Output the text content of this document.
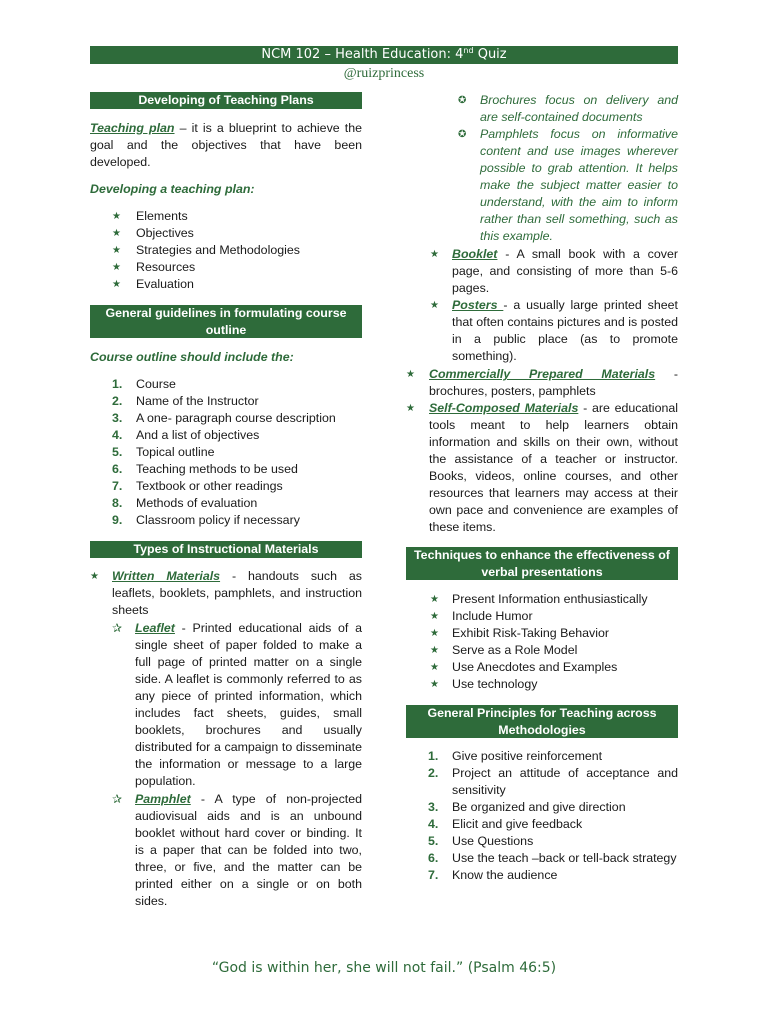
NCM 102 – Health Education: 4nd Quiz
@ruizprincess
Developing of Teaching Plans

Teaching plan – it is a blueprint to achieve the goal and the objectives that have been developed.

Developing a teaching plan:
★ Elements
★ Objectives
★ Strategies and Methodologies
★ Resources
★ Evaluation
General guidelines in formulating course outline
Course outline should include the:
1. Course
2. Name of the Instructor
3. A one- paragraph course description
4. And a list of objectives
5. Topical outline
6. Teaching methods to be used
7. Textbook or other readings
8. Methods of evaluation
9. Classroom policy if necessary
Types of Instructional Materials
★ Written Materials - handouts such as leaflets, booklets, pamphlets, and instruction sheets

✰ Leaflet - Printed educational aids of a single sheet of paper folded to make a full page of printed matter on a single side. A leaflet is commonly referred to as any piece of printed information, which includes fact sheets, guides, small booklets, brochures and usually distributed for a campaign to disseminate the information or message to a large population.

✰ Pamphlet - A type of non-projected audiovisual aids and is an unbound booklet without hard cover or binding. It is a paper that can be folded into two, three, or five, and the matter can be printed either on a single or on both sides.

✪ Brochures focus on delivery and are self-contained documents

✪ Pamphlets focus on informative content and use images wherever possible to grab attention. It helps make the subject matter easier to understand, with the aim to inform rather than sell something, such as this example.

★ Booklet - A small book with a cover page, and consisting of more than 5-6 pages.

★ Posters - a usually large printed sheet that often contains pictures and is posted in a public place (as to promote something).

★ Commercially Prepared Materials - brochures, posters, pamphlets

★ Self-Composed Materials - are educational tools meant to help learners obtain information and skills on their own, without the assistance of a teacher or instructor. Books, videos, online courses, and other resources that learners may access at their own pace and convenience are examples of these items.

Techniques to enhance the effectiveness of verbal presentations
★ Present Information enthusiastically
★ Include Humor
★ Exhibit Risk-Taking Behavior
★ Serve as a Role Model
★ Use Anecdotes and Examples
★ Use technology
General Principles for Teaching across Methodologies
1. Give positive reinforcement

2. Project an attitude of acceptance and sensitivity

3. Be organized and give direction

4. Elicit and give feedback

5. Use Questions

6. Use the teach –back or tell-back strategy

7. Know the audience

“God is within her, she will not fail.” (Psalm 46:5)
